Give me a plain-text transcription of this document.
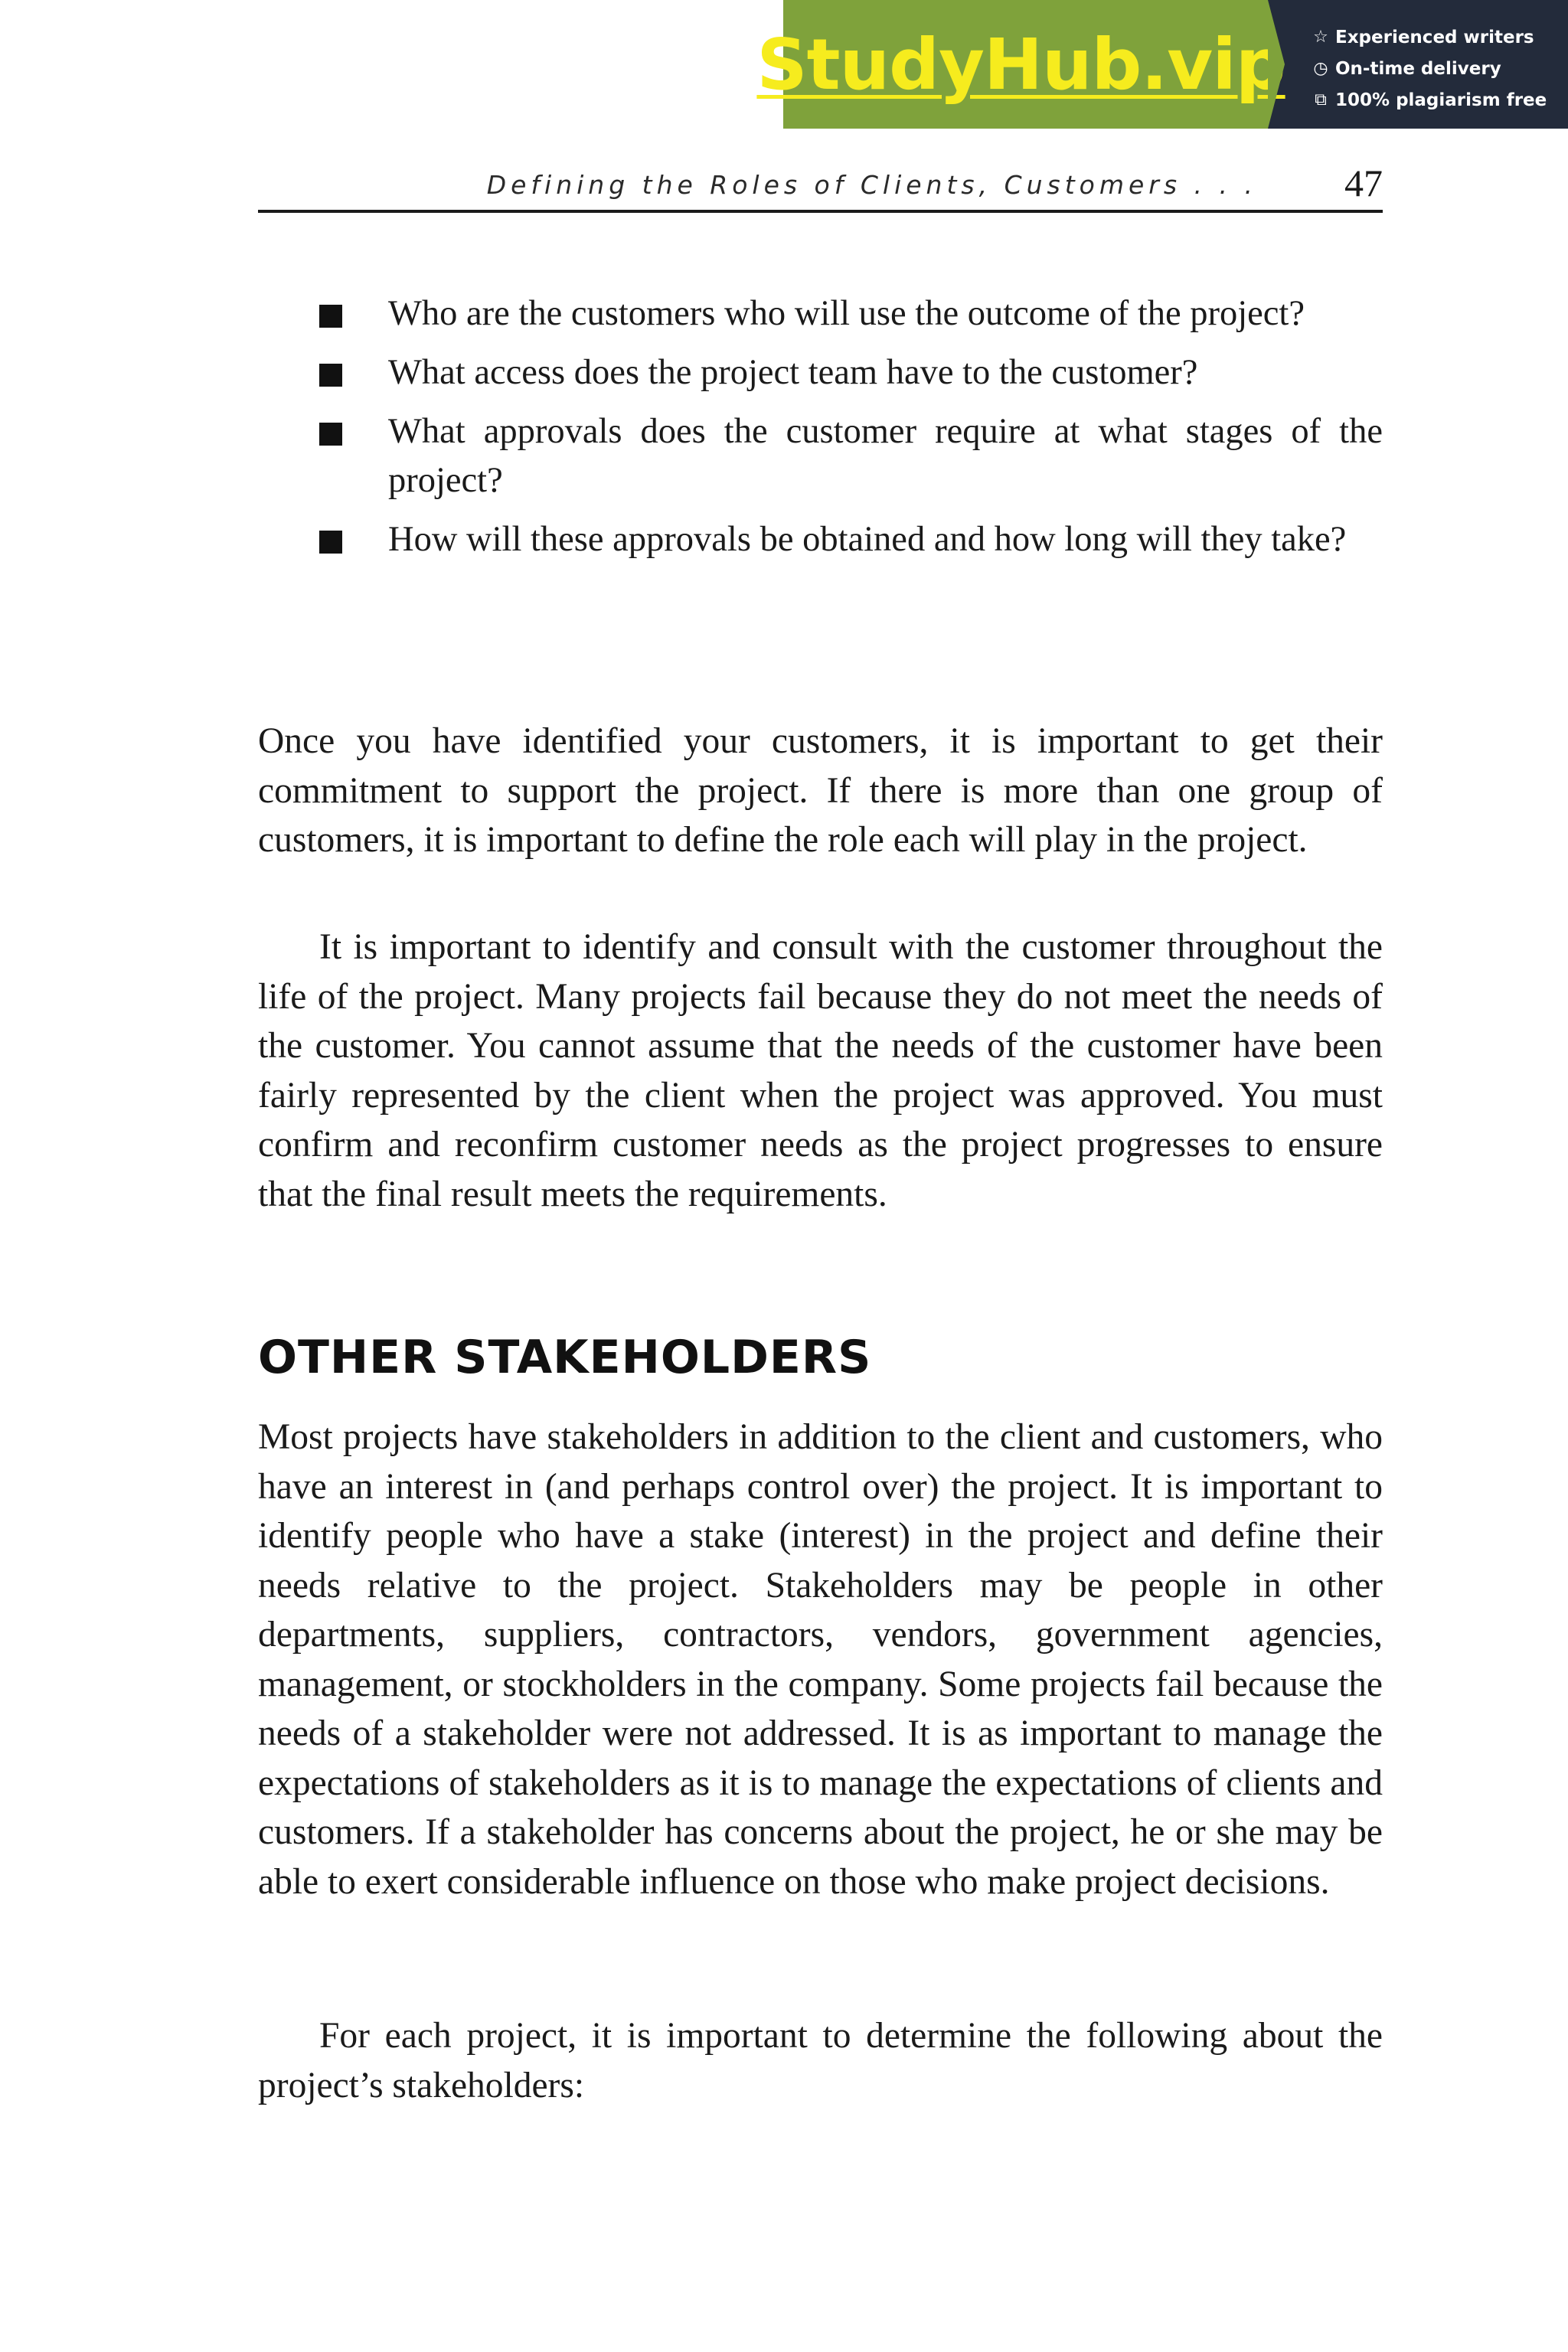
StudyHub.vip ☆ Experienced writers
◷ On-time delivery
⧉ 100% plagiarism free
Defining the Roles of Clients, Customers . . . 47
Who are the customers who will use the outcome of the project?
What access does the project team have to the customer?
What approvals does the customer require at what stages of the project?
How will these approvals be obtained and how long will they take?

Once you have identified your customers, it is important to get their commitment to support the project. If there is more than one group of customers, it is important to define the role each will play in the project.

It is important to identify and consult with the customer throughout the life of the project. Many projects fail because they do not meet the needs of the customer. You cannot assume that the needs of the customer have been fairly represented by the client when the project was approved. You must confirm and reconfirm customer needs as the project progresses to ensure that the final result meets the requirements.

OTHER STAKEHOLDERS

Most projects have stakeholders in addition to the client and customers, who have an interest in (and perhaps control over) the project. It is important to identify people who have a stake (interest) in the project and define their needs relative to the project. Stakeholders may be people in other departments, suppliers, contractors, vendors, government agencies, management, or stockholders in the company. Some projects fail because the needs of a stakeholder were not addressed. It is as important to manage the expectations of stakeholders as it is to manage the expectations of clients and customers. If a stakeholder has concerns about the project, he or she may be able to exert considerable influence on those who make project decisions.

For each project, it is important to determine the following about the project’s stakeholders:
